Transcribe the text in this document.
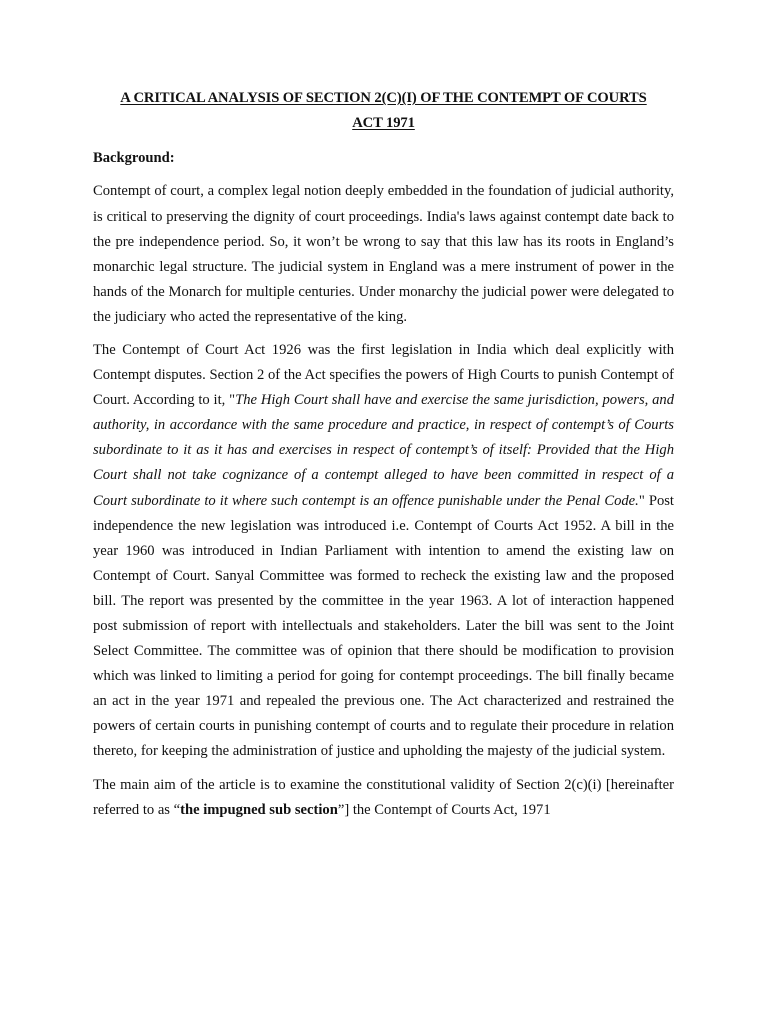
A CRITICAL ANALYSIS OF SECTION 2(C)(I) OF THE CONTEMPT OF COURTS
ACT 1971

Background:

Contempt of court, a complex legal notion deeply embedded in the foundation of judicial authority, is critical to preserving the dignity of court proceedings. India's laws against contempt date back to the pre independence period. So, it won’t be wrong to say that this law has its roots in England’s monarchic legal structure. The judicial system in England was a mere instrument of power in the hands of the Monarch for multiple centuries. Under monarchy the judicial power were delegated to the judiciary who acted the representative of the king.

The Contempt of Court Act 1926 was the first legislation in India which deal explicitly with Contempt disputes. Section 2 of the Act specifies the powers of High Courts to punish Contempt of Court. According to it, "The High Court shall have and exercise the same jurisdiction, powers, and authority, in accordance with the same procedure and practice, in respect of contempt’s of Courts subordinate to it as it has and exercises in respect of contempt’s of itself: Provided that the High Court shall not take cognizance of a contempt alleged to have been committed in respect of a Court subordinate to it where such contempt is an offence punishable under the Penal Code." Post independence the new legislation was introduced i.e. Contempt of Courts Act 1952. A bill in the year 1960 was introduced in Indian Parliament with intention to amend the existing law on Contempt of Court. Sanyal Committee was formed to recheck the existing law and the proposed bill. The report was presented by the committee in the year 1963. A lot of interaction happened post submission of report with intellectuals and stakeholders. Later the bill was sent to the Joint Select Committee. The committee was of opinion that there should be modification to provision which was linked to limiting a period for going for contempt proceedings. The bill finally became an act in the year 1971 and repealed the previous one. The Act characterized and restrained the powers of certain courts in punishing contempt of courts and to regulate their procedure in relation thereto, for keeping the administration of justice and upholding the majesty of the judicial system.

The main aim of the article is to examine the constitutional validity of Section 2(c)(i) [hereinafter referred to as “the impugned sub section”] the Contempt of Courts Act, 1971
